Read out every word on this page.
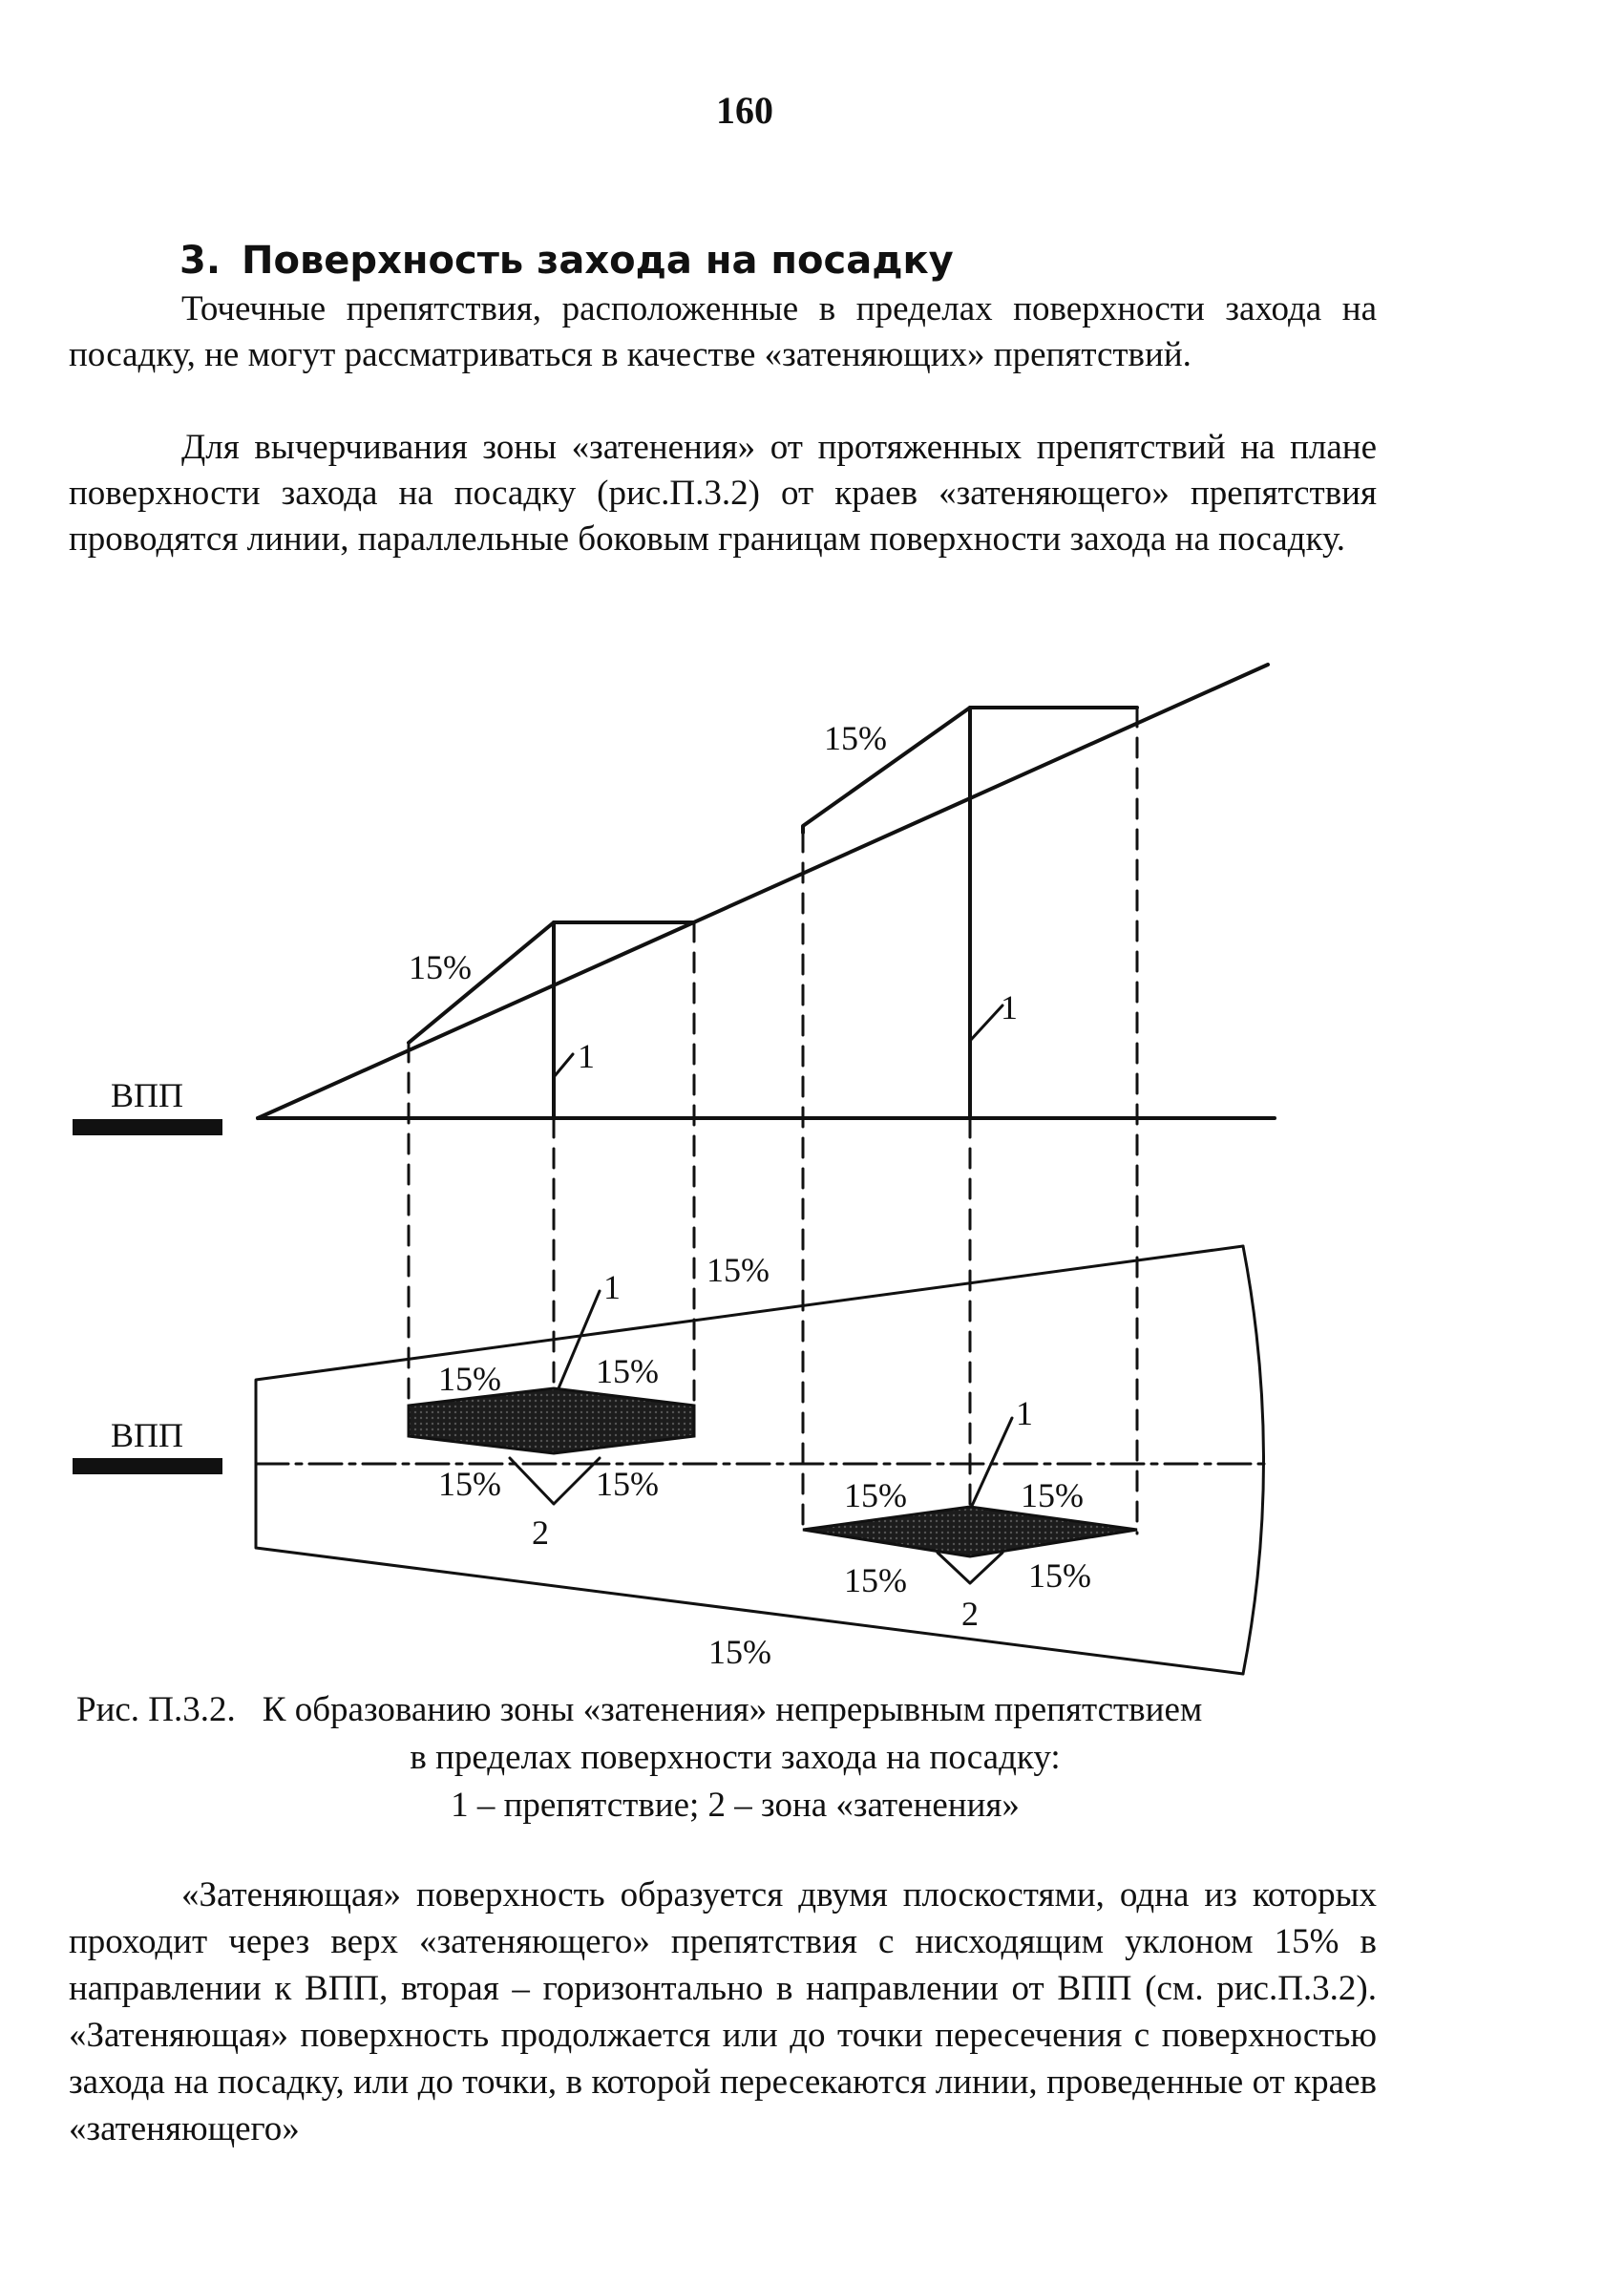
160
3. Поверхность захода на посадку

Точечные препятствия, расположенные в пределах поверхности захода на посадку, не могут рассматриваться в качестве «затеняющих» препятствий.

Для вычерчивания зоны «затенения» от протяженных препятствий на плане поверхности захода на посадку (рис.П.3.2) от краев «затеняющего» препятствия проводятся линии, параллельные боковым границам поверхности захода на посадку.

ВПП
ВПП
15%
15%
15%
15%	15%
15%	15%	15%	15%
15%	15%
15%
1
1
1
1
2
2
Рис. П.3.2. К образованию зоны «затенения» непрерывным препятствием
в пределах поверхности захода на посадку:
1 – препятствие; 2 – зона «затенения»

«Затеняющая» поверхность образуется двумя плоскостями, одна из которых проходит через верх «затеняющего» препятствия с нисходящим уклоном 15% в направлении к ВПП, вторая – горизонтально в направлении от ВПП (см. рис.П.3.2). «Затеняющая» поверхность продолжается или до точки пересечения с поверхностью захода на посадку, или до точки, в которой пересекаются линии, проведенные от краев «затеняющего»
